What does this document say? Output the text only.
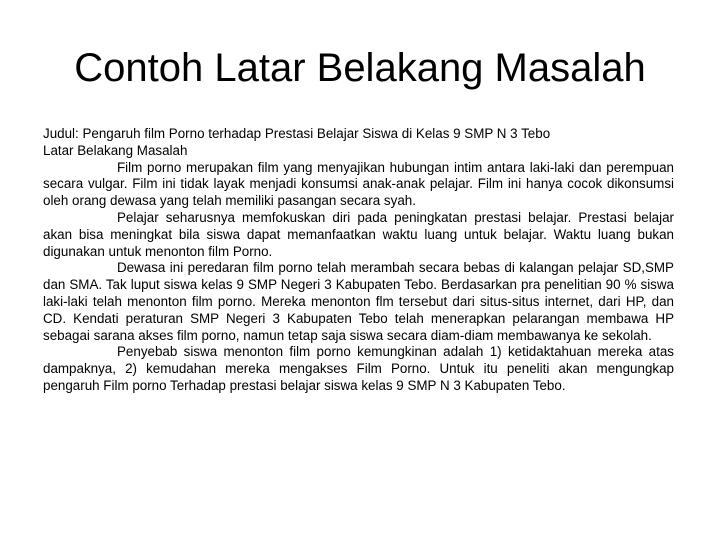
Contoh Latar Belakang Masalah

Judul: Pengaruh film Porno terhadap Prestasi Belajar Siswa di Kelas 9 SMP N 3 Tebo

Latar Belakang Masalah

Film porno merupakan film yang menyajikan hubungan intim antara laki-laki dan perempuan secara vulgar. Film ini tidak layak menjadi konsumsi anak-anak pelajar. Film ini hanya cocok dikonsumsi oleh orang dewasa yang telah memiliki pasangan secara syah.

Pelajar seharusnya memfokuskan diri pada peningkatan prestasi belajar. Prestasi belajar akan bisa meningkat bila siswa dapat memanfaatkan waktu luang untuk belajar. Waktu luang bukan digunakan untuk menonton film Porno.

Dewasa ini peredaran film porno telah merambah secara bebas di kalangan pelajar SD,SMP dan SMA. Tak luput siswa kelas 9 SMP Negeri 3 Kabupaten Tebo. Berdasarkan pra penelitian 90 % siswa laki-laki telah menonton film porno. Mereka menonton flm tersebut dari situs-situs internet, dari HP, dan CD. Kendati peraturan SMP Negeri 3 Kabupaten Tebo telah menerapkan pelarangan membawa HP sebagai sarana akses film porno, namun tetap saja siswa secara diam-diam membawanya ke sekolah.

Penyebab siswa menonton film porno kemungkinan adalah 1) ketidaktahuan mereka atas dampaknya, 2) kemudahan mereka mengakses Film Porno. Untuk itu peneliti akan mengungkap pengaruh Film porno Terhadap prestasi belajar siswa kelas 9 SMP N 3 Kabupaten Tebo.
